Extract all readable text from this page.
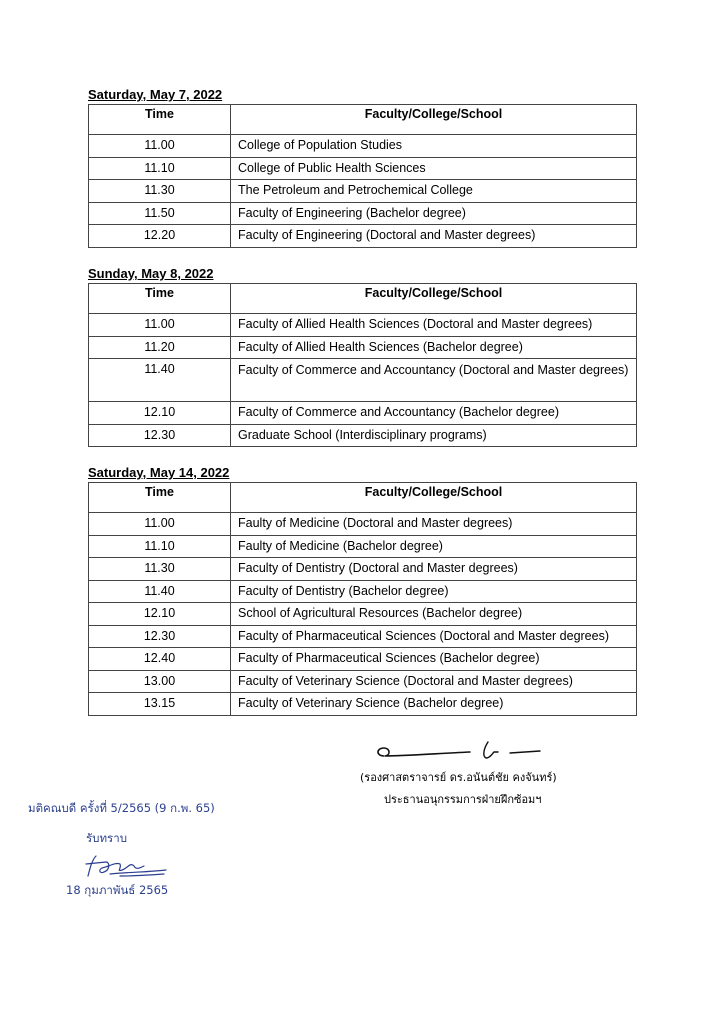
Saturday, May 7, 2022
Time	Faculty/College/School
11.00	College of Population Studies
11.10	College of Public Health Sciences
11.30	The Petroleum and Petrochemical College
11.50	Faculty of Engineering (Bachelor degree)
12.20	Faculty of Engineering (Doctoral and Master degrees)
Sunday, May 8, 2022
Time	Faculty/College/School
11.00	Faculty of Allied Health Sciences (Doctoral and Master degrees)
11.20	Faculty of Allied Health Sciences (Bachelor degree)
11.40	Faculty of Commerce and Accountancy (Doctoral and Master degrees)
12.10	Faculty of Commerce and Accountancy (Bachelor degree)
12.30	Graduate School (Interdisciplinary programs)
Saturday, May 14, 2022
Time	Faculty/College/School
11.00	Faulty of Medicine (Doctoral and Master degrees)
11.10	Faulty of Medicine (Bachelor degree)
11.30	Faculty of Dentistry (Doctoral and Master degrees)
11.40	Faculty of Dentistry (Bachelor degree)
12.10	School of Agricultural Resources (Bachelor degree)
12.30	Faculty of Pharmaceutical Sciences (Doctoral and Master degrees)
12.40	Faculty of Pharmaceutical Sciences (Bachelor degree)
13.00	Faculty of Veterinary Science (Doctoral and Master degrees)
13.15	Faculty of Veterinary Science (Bachelor degree)
(รองศาสตราจารย์ ดร.อนันต์ชัย คงจันทร์)
ประธานอนุกรรมการฝ่ายฝึกซ้อมฯ
มติคณบดี ครั้งที่ 5/2565 (9 ก.พ. 65)
รับทราบ
18 กุมภาพันธ์ 2565
